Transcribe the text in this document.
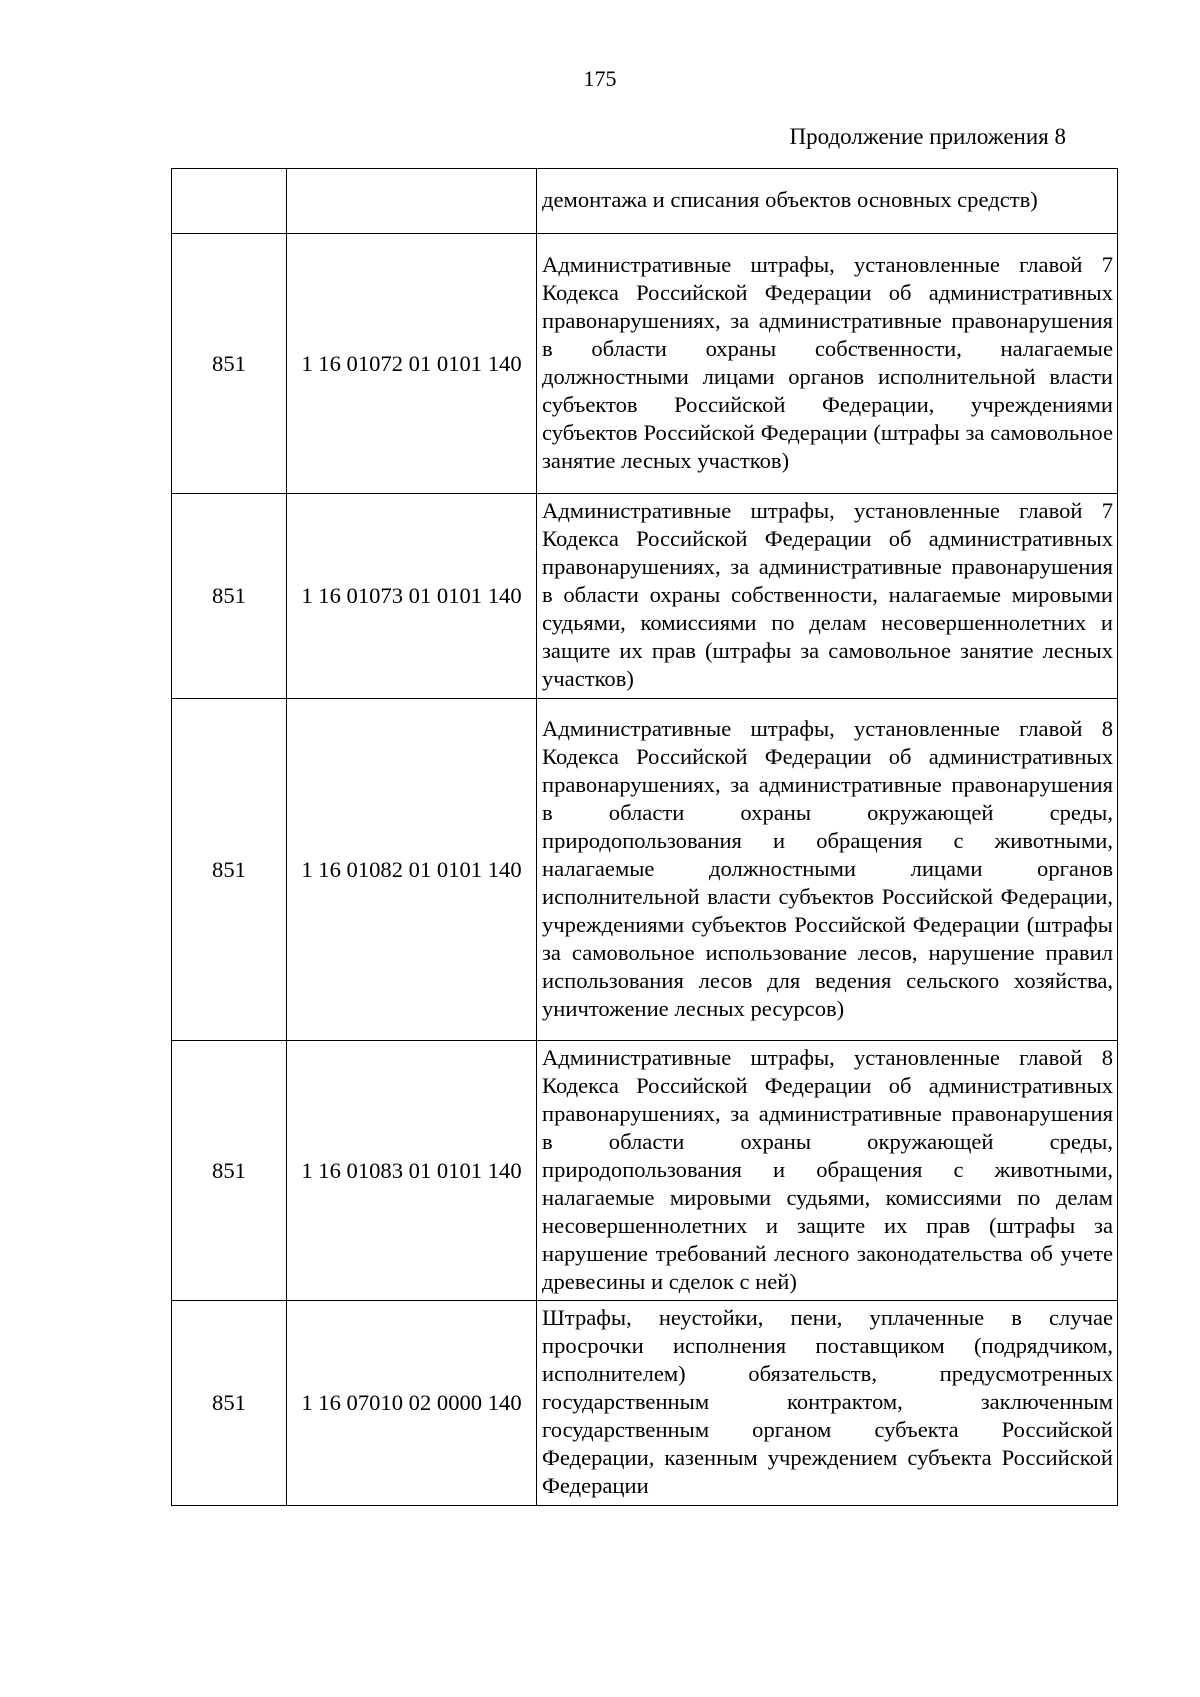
175
Продолжение приложения 8
		демонтажа и списания объектов основных средств)
851	1 16 01072 01 0101 140	Административные штрафы, установленные главой 7 Кодекса Российской Федерации об административных правонарушениях, за административные правонарушения в области охраны собственности, налагаемые должностными лицами органов исполнительной власти субъектов Российской Федерации, учреждениями субъектов Российской Федерации (штрафы за самовольное занятие лесных участков)
851	1 16 01073 01 0101 140	Административные штрафы, установленные главой 7 Кодекса Российской Федерации об административных правонарушениях, за административные правонарушения в области охраны собственности, налагаемые мировыми судьями, комиссиями по делам несовершеннолетних и защите их прав (штрафы за самовольное занятие лесных участков)
851	1 16 01082 01 0101 140	Административные штрафы, установленные главой 8 Кодекса Российской Федерации об административных правонарушениях, за административные правонарушения в области охраны окружающей среды, природопользования и обращения с животными, налагаемые должностными лицами органов исполнительной власти субъектов Российской Федерации, учреждениями субъектов Российской Федерации (штрафы за самовольное использование лесов, нарушение правил использования лесов для ведения сельского хозяйства, уничтожение лесных ресурсов)
851	1 16 01083 01 0101 140	Административные штрафы, установленные главой 8 Кодекса Российской Федерации об административных правонарушениях, за административные правонарушения в области охраны окружающей среды, природопользования и обращения с животными, налагаемые мировыми судьями, комиссиями по делам несовершеннолетних и защите их прав (штрафы за нарушение требований лесного законодательства об учете древесины и сделок с ней)
851	1 16 07010 02 0000 140	Штрафы, неустойки, пени, уплаченные в случае просрочки исполнения поставщиком (подрядчиком, исполнителем) обязательств, предусмотренных государственным контрактом, заключенным государственным органом субъекта Российской Федерации, казенным учреждением субъекта Российской Федерации
